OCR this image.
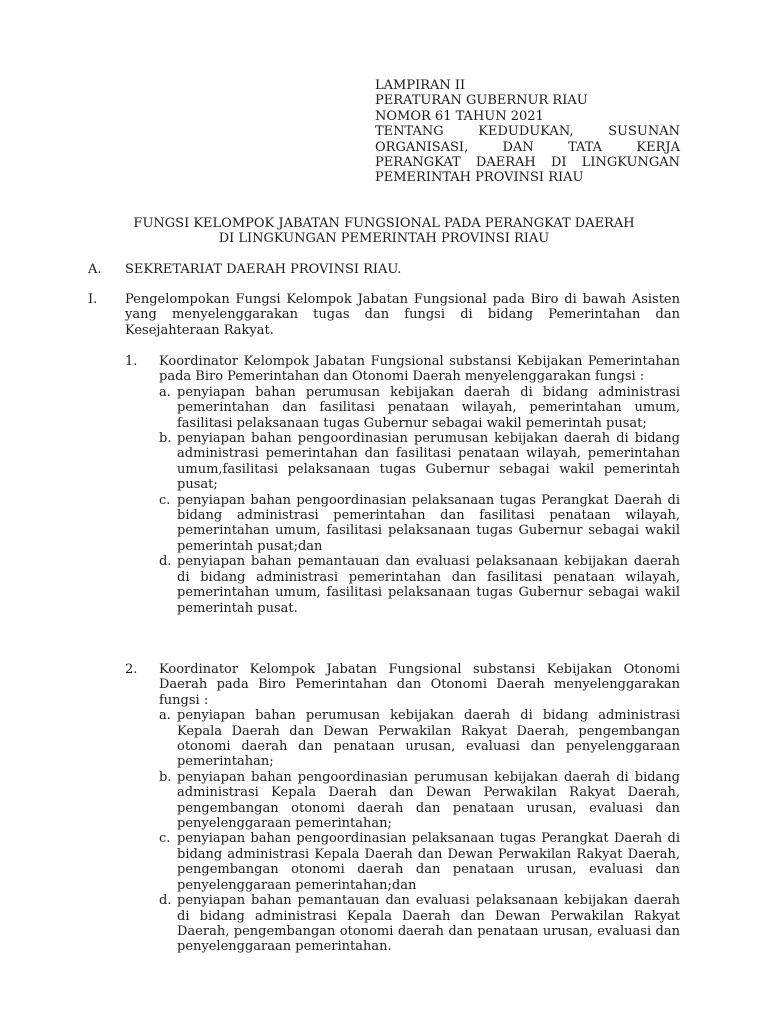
LAMPIRAN II
PERATURAN GUBERNUR RIAU
NOMOR 61 TAHUN 2021
TENTANG KEDUDUKAN, SUSUNAN
ORGANISASI, DAN TATA KERJA
PERANGKAT DAERAH DI LINGKUNGAN
PEMERINTAH PROVINSI RIAU
FUNGSI KELOMPOK JABATAN FUNGSIONAL PADA PERANGKAT DAERAH
DI LINGKUNGAN PEMERINTAH PROVINSI RIAU
A. SEKRETARIAT DAERAH PROVINSI RIAU.
I. Pengelompokan Fungsi Kelompok Jabatan Fungsional pada Biro di bawah Asisten yang menyelenggarakan tugas dan fungsi di bidang Pemerintahan dan Kesejahteraan Rakyat.
1. Koordinator Kelompok Jabatan Fungsional substansi Kebijakan Pemerintahan pada Biro Pemerintahan dan Otonomi Daerah menyelenggarakan fungsi :
a. penyiapan bahan perumusan kebijakan daerah di bidang administrasi pemerintahan dan fasilitasi penataan wilayah, pemerintahan umum, fasilitasi pelaksanaan tugas Gubernur sebagai wakil pemerintah pusat;
b. penyiapan bahan pengoordinasian perumusan kebijakan daerah di bidang administrasi pemerintahan dan fasilitasi penataan wilayah, pemerintahan umum,fasilitasi pelaksanaan tugas Gubernur sebagai wakil pemerintah pusat;
c. penyiapan bahan pengoordinasian pelaksanaan tugas Perangkat Daerah di bidang administrasi pemerintahan dan fasilitasi penataan wilayah, pemerintahan umum, fasilitasi pelaksanaan tugas Gubernur sebagai wakil pemerintah pusat;dan
d. penyiapan bahan pemantauan dan evaluasi pelaksanaan kebijakan daerah di bidang administrasi pemerintahan dan fasilitasi penataan wilayah, pemerintahan umum, fasilitasi pelaksanaan tugas Gubernur sebagai wakil pemerintah pusat.
2. Koordinator Kelompok Jabatan Fungsional substansi Kebijakan Otonomi Daerah pada Biro Pemerintahan dan Otonomi Daerah menyelenggarakan fungsi :
a. penyiapan bahan perumusan kebijakan daerah di bidang administrasi Kepala Daerah dan Dewan Perwakilan Rakyat Daerah, pengembangan otonomi daerah dan penataan urusan, evaluasi dan penyelenggaraan pemerintahan;
b. penyiapan bahan pengoordinasian perumusan kebijakan daerah di bidang administrasi Kepala Daerah dan Dewan Perwakilan Rakyat Daerah, pengembangan otonomi daerah dan penataan urusan, evaluasi dan penyelenggaraan pemerintahan;
c. penyiapan bahan pengoordinasian pelaksanaan tugas Perangkat Daerah di bidang administrasi Kepala Daerah dan Dewan Perwakilan Rakyat Daerah, pengembangan otonomi daerah dan penataan urusan, evaluasi dan penyelenggaraan pemerintahan;dan
d. penyiapan bahan pemantauan dan evaluasi pelaksanaan kebijakan daerah di bidang administrasi Kepala Daerah dan Dewan Perwakilan Rakyat Daerah, pengembangan otonomi daerah dan penataan urusan, evaluasi dan penyelenggaraan pemerintahan.
